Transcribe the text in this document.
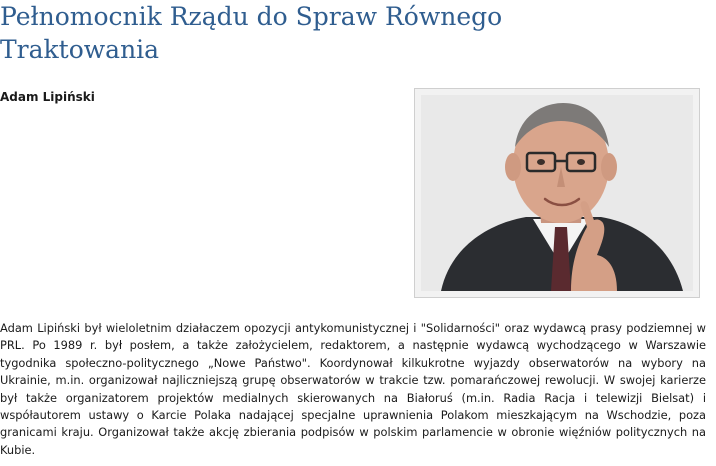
Pełnomocnik Rządu do Spraw Równego Traktowania
Adam Lipiński

Adam Lipiński był wieloletnim działaczem opozycji antykomunistycznej i "Solidarności" oraz wydawcą prasy podziemnej w PRL. Po 1989 r. był posłem, a także założycielem, redaktorem, a następnie wydawcą wychodzącego w Warszawie tygodnika społeczno-politycznego „Nowe Państwo". Koordynował kilkukrotne wyjazdy obserwatorów na wybory na Ukrainie, m.in. organizował najliczniejszą grupę obserwatorów w trakcie tzw. pomarańczowej rewolucji. W swojej karierze był także organizatorem projektów medialnych skierowanych na Białoruś (m.in. Radia Racja i telewizji Bielsat) i współautorem ustawy o Karcie Polaka nadającej specjalne uprawnienia Polakom mieszkającym na Wschodzie, poza granicami kraju. Organizował także akcję zbierania podpisów w polskim parlamencie w obronie więźniów politycznych na Kubie.
